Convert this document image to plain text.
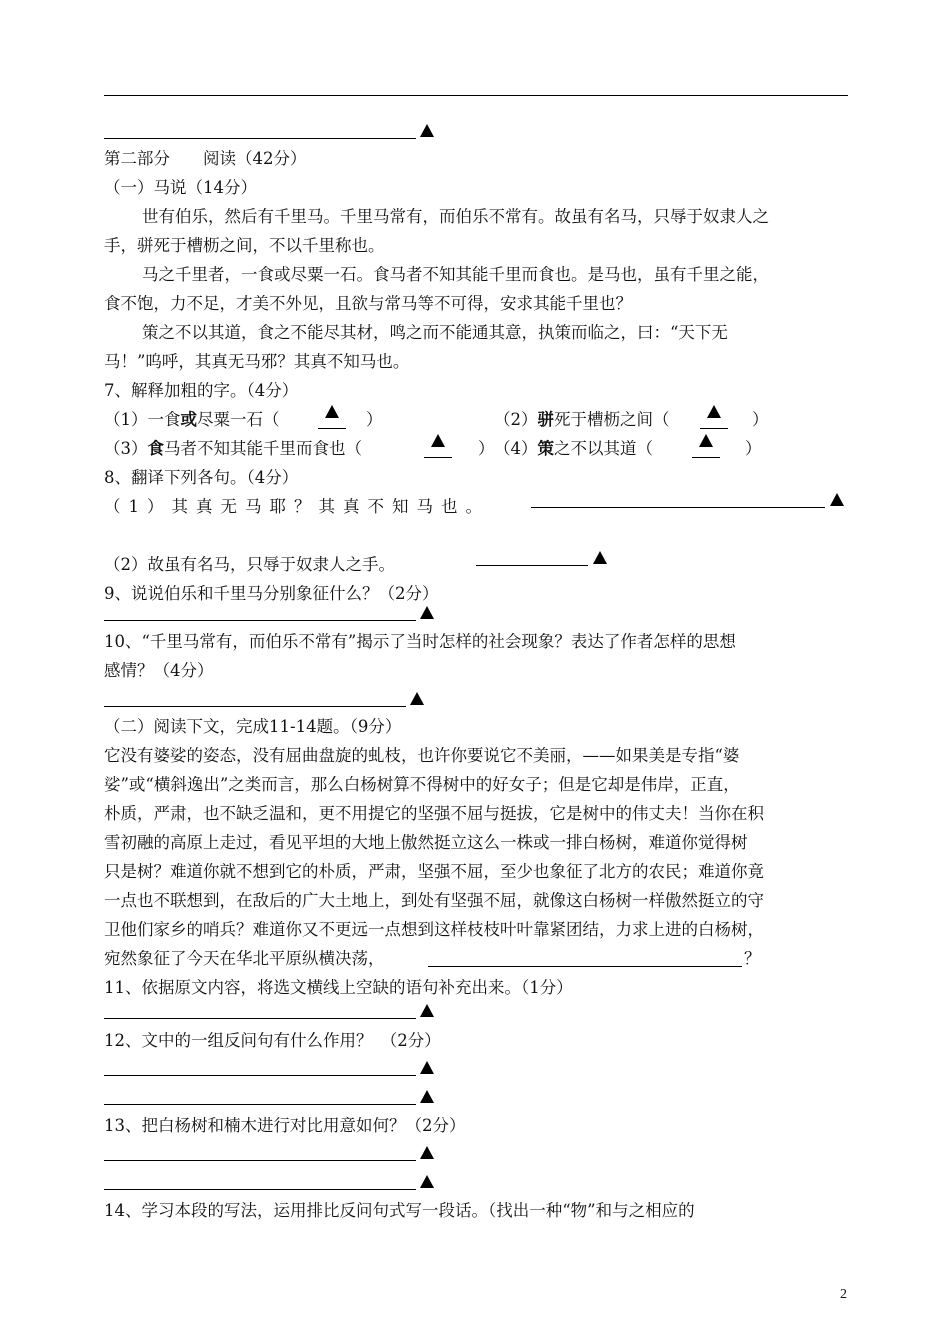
第二部分　　阅读（42分）
（一）马说（14分）
世有伯乐，然后有千里马。千里马常有，而伯乐不常有。故虽有名马，只辱于奴隶人之
手，骈死于槽枥之间，不以千里称也。
马之千里者，一食或尽粟一石。食马者不知其能千里而食也。是马也，虽有千里之能，
食不饱，力不足，才美不外见，且欲与常马等不可得，安求其能千里也？
策之不以其道，食之不能尽其材，鸣之而不能通其意，执策而临之，曰：“天下无
马！”呜呼，其真无马邪？其真不知马也。
7、解释加粗的字。（4分）
（1）一食或尽粟一石（	）	（2）骈死于槽枥之间（	）
（3）食马者不知其能千里而食也（	） （4）策之不以其道（	）
8、翻译下列各句。（4分）
（1）其真无马耶？其真不知马也。
（2）故虽有名马，只辱于奴隶人之手。
9、说说伯乐和千里马分别象征什么？（2分）
10、“千里马常有，而伯乐不常有”揭示了当时怎样的社会现象？表达了作者怎样的思想
感情？（4分）
（二）阅读下文，完成11-14题。（9分）
它没有婆娑的姿态，没有屈曲盘旋的虬枝，也许你要说它不美丽，——如果美是专指“婆
娑”或“横斜逸出”之类而言，那么白杨树算不得树中的好女子；但是它却是伟岸，正直，
朴质，严肃，也不缺乏温和，更不用提它的坚强不屈与挺拔，它是树中的伟丈夫！当你在积
雪初融的高原上走过，看见平坦的大地上傲然挺立这么一株或一排白杨树，难道你觉得树
只是树？难道你就不想到它的朴质，严肃，坚强不屈，至少也象征了北方的农民；难道你竟
一点也不联想到，在敌后的广大土地上，到处有坚强不屈，就像这白杨树一样傲然挺立的守
卫他们家乡的哨兵？难道你又不更远一点想到这样枝枝叶叶靠紧团结，力求上进的白杨树，
宛然象征了今天在华北平原纵横决荡，	？
11、依据原文内容，将选文横线上空缺的语句补充出来。（1分）
12、文中的一组反问句有什么作用？　（2分）
13、把白杨树和楠木进行对比用意如何？（2分）
14、学习本段的写法，运用排比反问句式写一段话。（找出一种“物”和与之相应的
2
